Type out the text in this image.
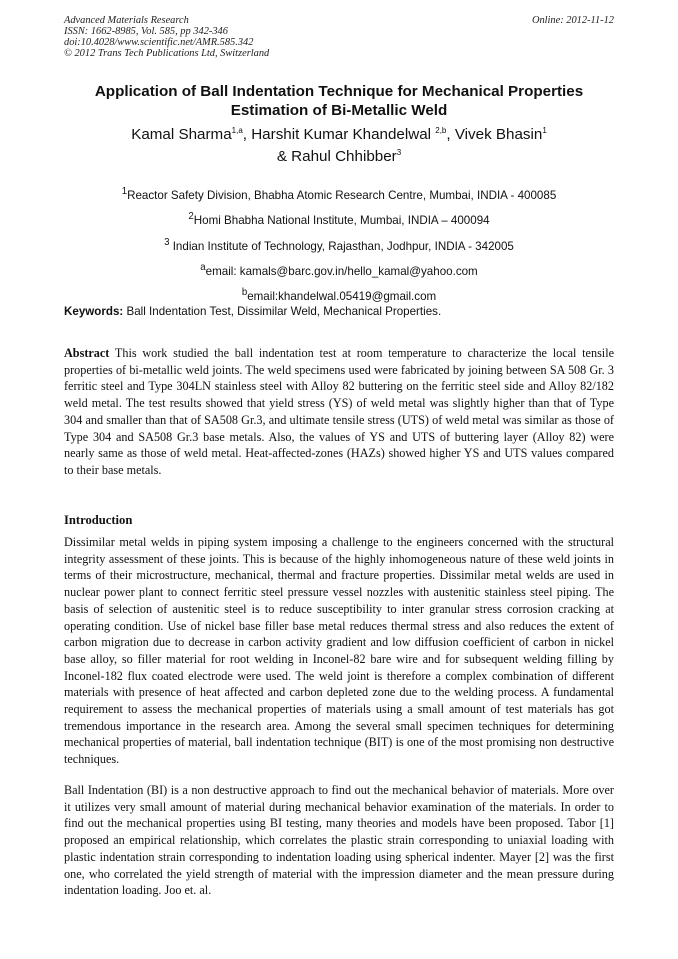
Advanced Materials Research
ISSN: 1662-8985, Vol. 585, pp 342-346
doi:10.4028/www.scientific.net/AMR.585.342
© 2012 Trans Tech Publications Ltd, Switzerland
Online: 2012-11-12
Application of Ball Indentation Technique for Mechanical Properties
Estimation of Bi-Metallic Weld
Kamal Sharma$^{1,a}$, Harshit Kumar Khandelwal $^{2,b}$, Vivek Bhasin$^1$
& Rahul Chhibber$^3$
$^1$Reactor Safety Division, Bhabha Atomic Research Centre, Mumbai, INDIA - 400085
$^2$Homi Bhabha National Institute, Mumbai, INDIA – 400094
$^3$ Indian Institute of Technology, Rajasthan, Jodhpur, INDIA - 342005
$^a$email: kamals@barc.gov.in/hello_kamal@yahoo.com
$^b$email:khandelwal.05419@gmail.com
Keywords: Ball Indentation Test, Dissimilar Weld, Mechanical Properties.
Abstract This work studied the ball indentation test at room temperature to characterize the local tensile properties of bi-metallic weld joints. The weld specimens used were fabricated by joining between SA 508 Gr. 3 ferritic steel and Type 304LN stainless steel with Alloy 82 buttering on the ferritic steel side and Alloy 82/182 weld metal. The test results showed that yield stress (YS) of weld metal was slightly higher than that of Type 304 and smaller than that of SA508 Gr.3, and ultimate tensile stress (UTS) of weld metal was similar as those of Type 304 and SA508 Gr.3 base metals. Also, the values of YS and UTS of buttering layer (Alloy 82) were nearly same as those of weld metal. Heat-affected-zones (HAZs) showed higher YS and UTS values compared to their base metals.
Introduction
Dissimilar metal welds in piping system imposing a challenge to the engineers concerned with the structural integrity assessment of these joints. This is because of the highly inhomogeneous nature of these weld joints in terms of their microstructure, mechanical, thermal and fracture properties. Dissimilar metal welds are used in nuclear power plant to connect ferritic steel pressure vessel nozzles with austenitic stainless steel piping. The basis of selection of austenitic steel is to reduce susceptibility to inter granular stress corrosion cracking at operating condition. Use of nickel base filler base metal reduces thermal stress and also reduces the extent of carbon migration due to decrease in carbon activity gradient and low diffusion coefficient of carbon in nickel base alloy, so filler material for root welding in Inconel-82 bare wire and for subsequent welding filling by Inconel-182 flux coated electrode were used. The weld joint is therefore a complex combination of different materials with presence of heat affected and carbon depleted zone due to the welding process. A fundamental requirement to assess the mechanical properties of materials using a small amount of test materials has got tremendous importance in the research area. Among the several small specimen techniques for determining mechanical properties of material, ball indentation technique (BIT) is one of the most promising non destructive techniques.
Ball Indentation (BI) is a non destructive approach to find out the mechanical behavior of materials. More over it utilizes very small amount of material during mechanical behavior examination of the materials. In order to find out the mechanical properties using BI testing, many theories and models have been proposed. Tabor [1] proposed an empirical relationship, which correlates the plastic strain corresponding to uniaxial loading with plastic indentation strain corresponding to indentation loading using spherical indenter. Mayer [2] was the first one, who correlated the yield strength of material with the impression diameter and the mean pressure during indentation loading. Joo et. al.
